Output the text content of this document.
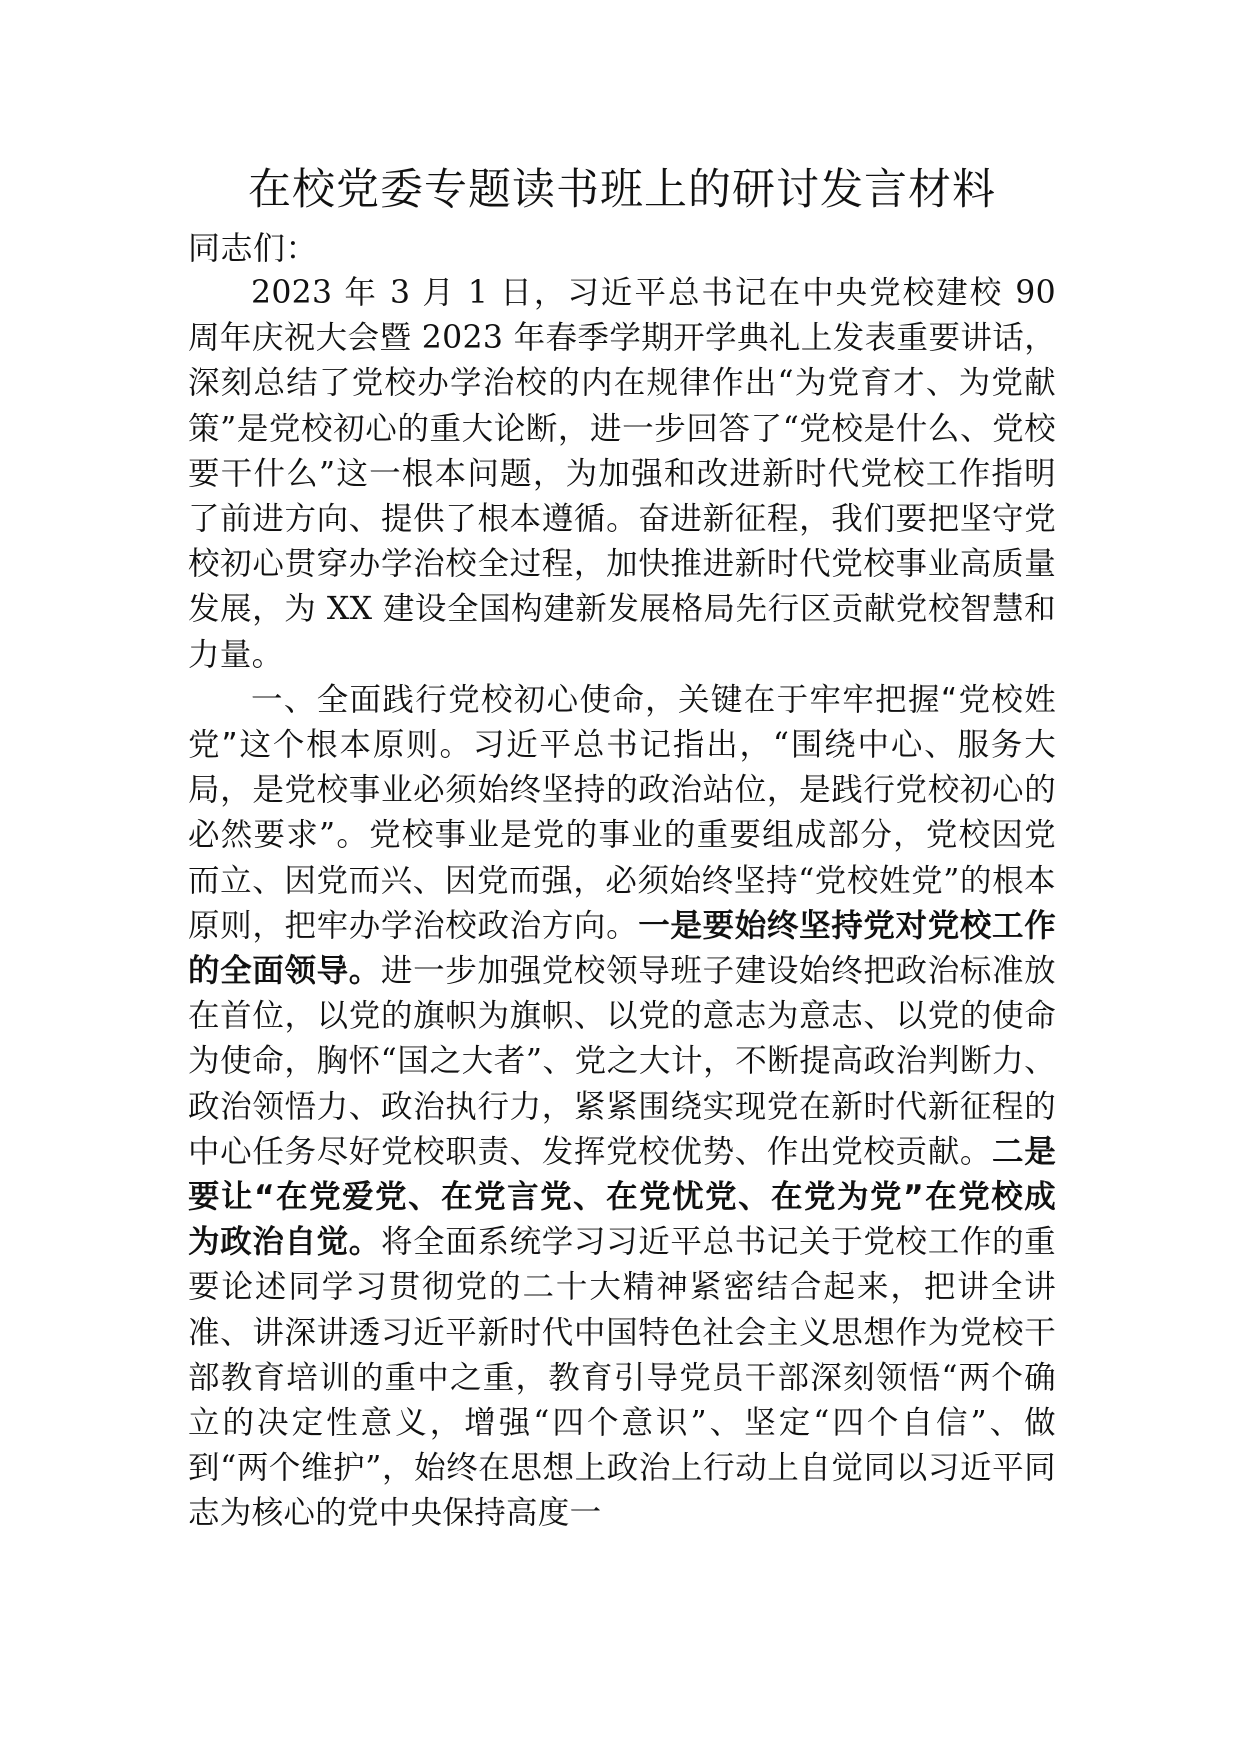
在校党委专题读书班上的研讨发言材料

同志们：

2023 年 3 月 1 日，习近平总书记在中央党校建校 90 周年庆祝大会暨 2023 年春季学期开学典礼上发表重要讲话，深刻总结了党校办学治校的内在规律作出“为党育才、为党献策”是党校初心的重大论断，进一步回答了“党校是什么、党校要干什么”这一根本问题，为加强和改进新时代党校工作指明了前进方向、提供了根本遵循。奋进新征程，我们要把坚守党校初心贯穿办学治校全过程，加快推进新时代党校事业高质量发展，为 XX 建设全国构建新发展格局先行区贡献党校智慧和力量。

一、全面践行党校初心使命，关键在于牢牢把握“党校姓党”这个根本原则。习近平总书记指出，“围绕中心、服务大局，是党校事业必须始终坚持的政治站位，是践行党校初心的必然要求”。党校事业是党的事业的重要组成部分，党校因党而立、因党而兴、因党而强，必须始终坚持“党校姓党”的根本原则，把牢办学治校政治方向。一是要始终坚持党对党校工作的全面领导。进一步加强党校领导班子建设始终把政治标准放在首位，以党的旗帜为旗帜、以党的意志为意志、以党的使命为使命，胸怀“国之大者”、党之大计，不断提高政治判断力、政治领悟力、政治执行力，紧紧围绕实现党在新时代新征程的中心任务尽好党校职责、发挥党校优势、作出党校贡献。二是要让“在党爱党、在党言党、在党忧党、在党为党”在党校成为政治自觉。将全面系统学习习近平总书记关于党校工作的重要论述同学习贯彻党的二十大精神紧密结合起来，把讲全讲准、讲深讲透习近平新时代中国特色社会主义思想作为党校干部教育培训的重中之重，教育引导党员干部深刻领悟“两个确立的决定性意义，增强“四个意识”、坚定“四个自信”、做到“两个维护”，始终在思想上政治上行动上自觉同以习近平同志为核心的党中央保持高度一
